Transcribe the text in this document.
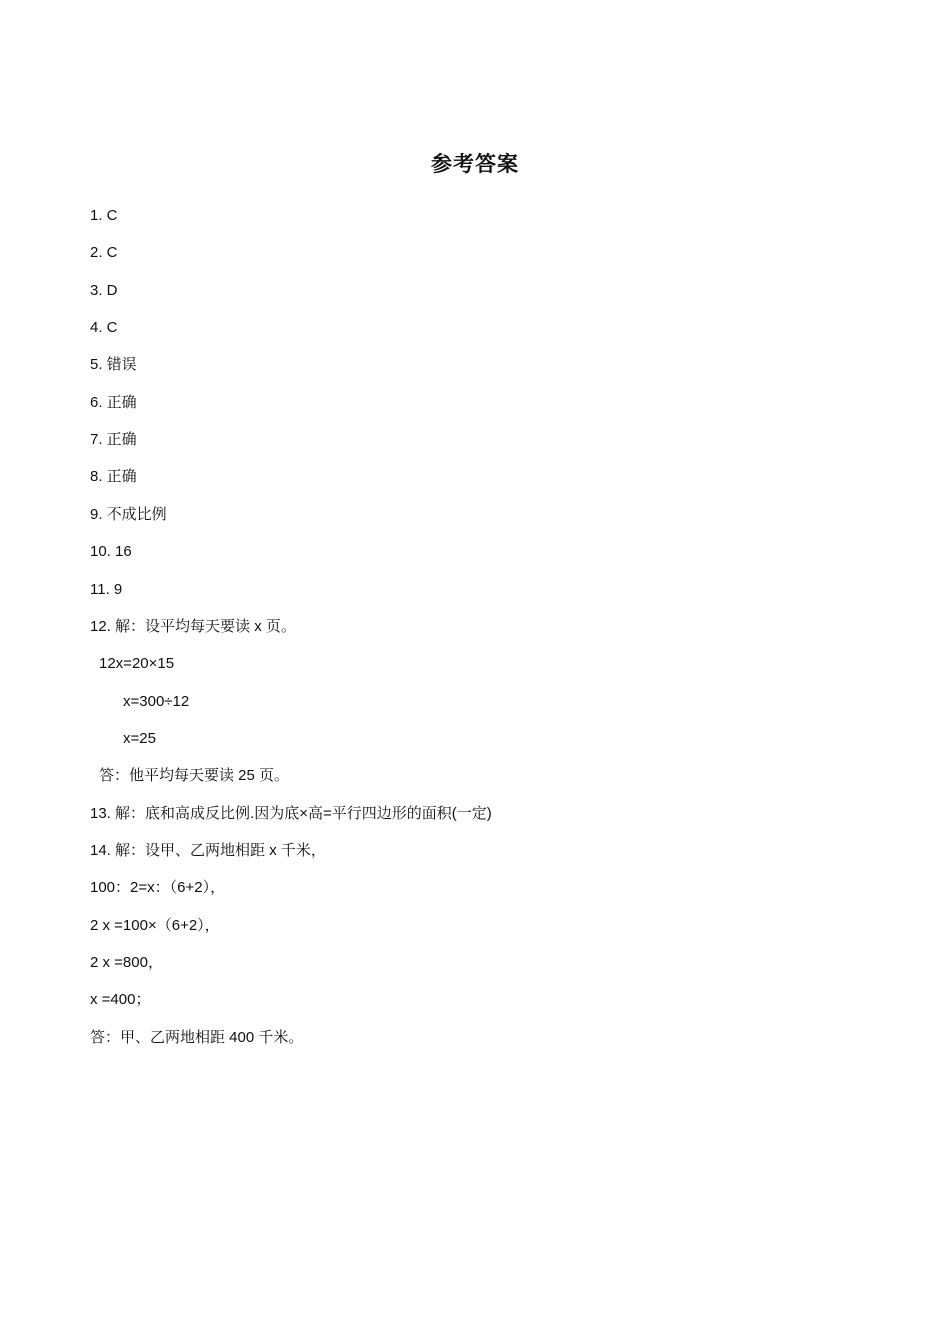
参考答案
1. C
2. C
3. D
4. C
5. 错误
6. 正确
7. 正确
8. 正确
9. 不成比例
10. 16
11. 9
12. 解：设平均每天要读 x 页。
12x=20×15
x=300÷12
x=25
答：他平均每天要读 25 页。
13. 解：底和高成反比例.因为底×高=平行四边形的面积(一定)
14. 解：设甲、乙两地相距 x 千米，
100：2=x：（6+2），
2 x =100×（6+2），
2 x =800，
x =400；
答：甲、乙两地相距 400 千米。
